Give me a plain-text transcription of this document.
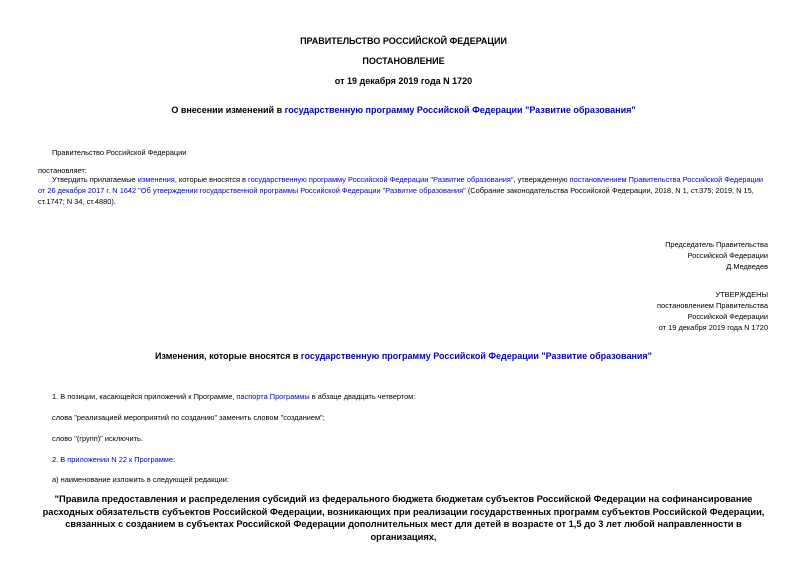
ПРАВИТЕЛЬСТВО РОССИЙСКОЙ ФЕДЕРАЦИИ
ПОСТАНОВЛЕНИЕ
от 19 декабря 2019 года N 1720
О внесении изменений в государственную программу Российской Федерации "Развитие образования"
Правительство Российской Федерации
постановляет:
Утвердить прилагаемые изменения, которые вносятся в государственную программу Российской Федерации "Развитие образования", утвержденную постановлением Правительства Российской Федерации от 26 декабря 2017 г. N 1642 "Об утверждении государственной программы Российской Федерации "Развитие образования" (Собрание законодательства Российской Федерации, 2018, N 1, ст.375; 2019, N 15, ст.1747; N 34, ст.4880).
Председатель Правительства
Российской Федерации
Д.Медведев
УТВЕРЖДЕНЫ
постановлением Правительства
Российской Федерации
от 19 декабря 2019 года N 1720
Изменения, которые вносятся в государственную программу Российской Федерации "Развитие образования"
1. В позиции, касающейся приложений к Программе, паспорта Программы в абзаце двадцать четвертом:
слова "реализацией мероприятий по созданию" заменить словом "созданием";
слово "(групп)" исключить.
2. В приложении N 22 к Программе:
а) наименование изложить в следующей редакции:
"Правила предоставления и распределения субсидий из федерального бюджета бюджетам субъектов Российской Федерации на софинансирование расходных обязательств субъектов Российской Федерации, возникающих при реализации государственных программ субъектов Российской Федерации, связанных с созданием в субъектах Российской Федерации дополнительных мест для детей в возрасте от 1,5 до 3 лет любой направленности в организациях,
